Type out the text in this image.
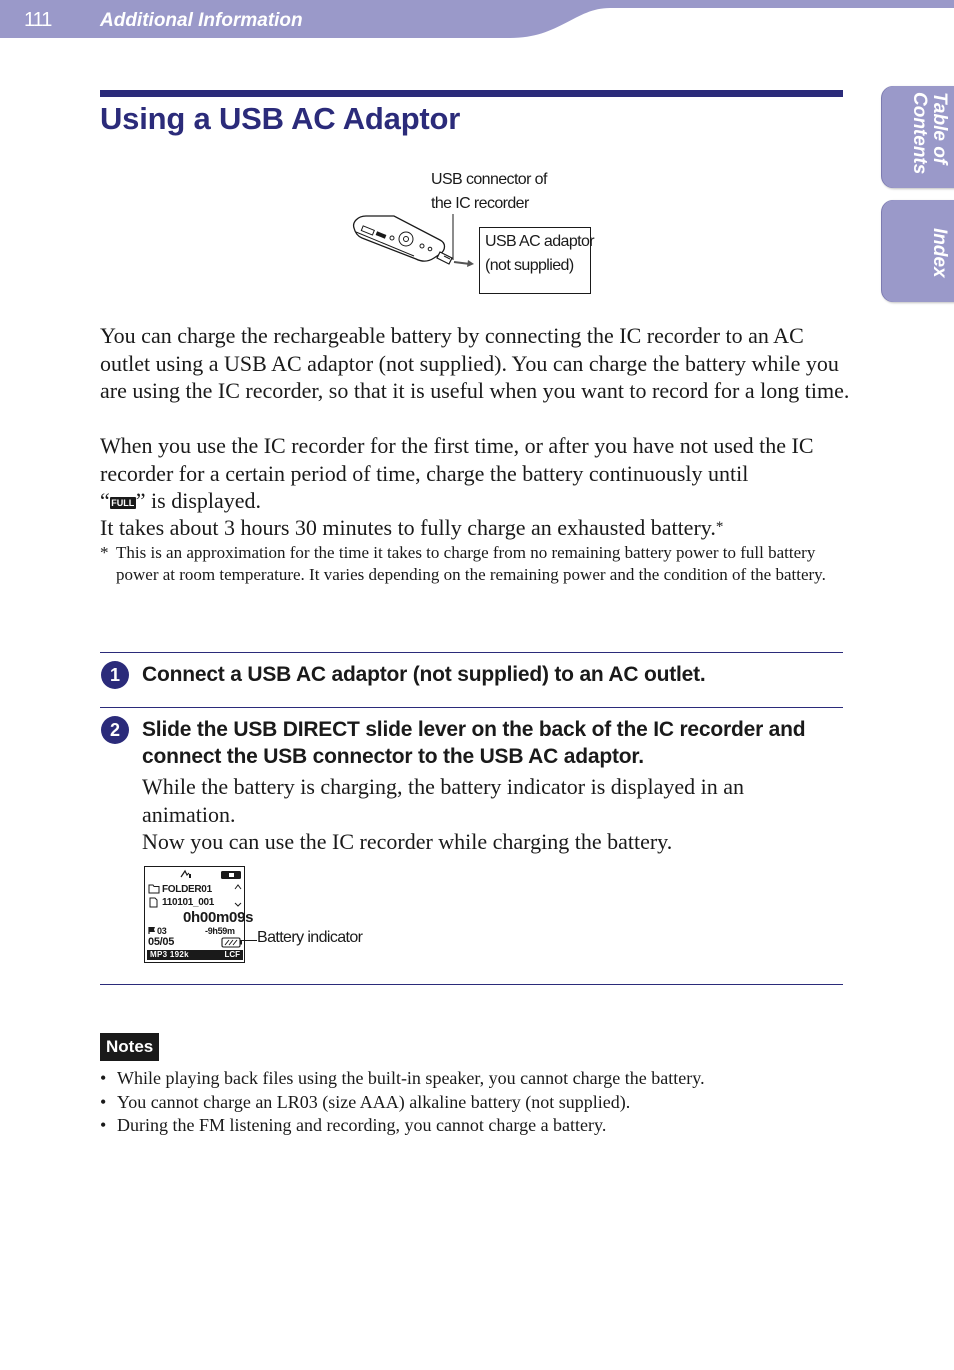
111	Additional Information
Table of Contents
Index
Using a USB AC Adaptor
USB connector of the IC recorder
USB AC adaptor (not supplied)

You can charge the rechargeable battery by connecting the IC recorder to an AC outlet using a USB AC adaptor (not supplied). You can charge the battery while you are using the IC recorder, so that it is useful when you want to record for a long time.

When you use the IC recorder for the first time, or after you have not used the IC recorder for a certain period of time, charge the battery continuously until

“ FULL” is displayed.

It takes about 3 hours 30 minutes to fully charge an exhausted battery.*

* This is an approximation for the time it takes to charge from no remaining battery power to full battery power at room temperature. It varies depending on the remaining power and the condition of the battery.
1	Connect a USB AC adaptor (not supplied) to an AC outlet.
2	Slide the USB DIRECT slide lever on the back of the IC recorder and connect the USB connector to the USB AC adaptor.

While the battery is charging, the battery indicator is displayed in an animation.

Now you can use the IC recorder while charging the battery.

FOLDER01
110101_001
0h00m09s
03	-9h59m
05/05
MP3 192k	LCF
Battery indicator
Notes
• While playing back files using the built-in speaker, you cannot charge the battery.
• You cannot charge an LR03 (size AAA) alkaline battery (not supplied).
• During the FM listening and recording, you cannot charge a battery.
